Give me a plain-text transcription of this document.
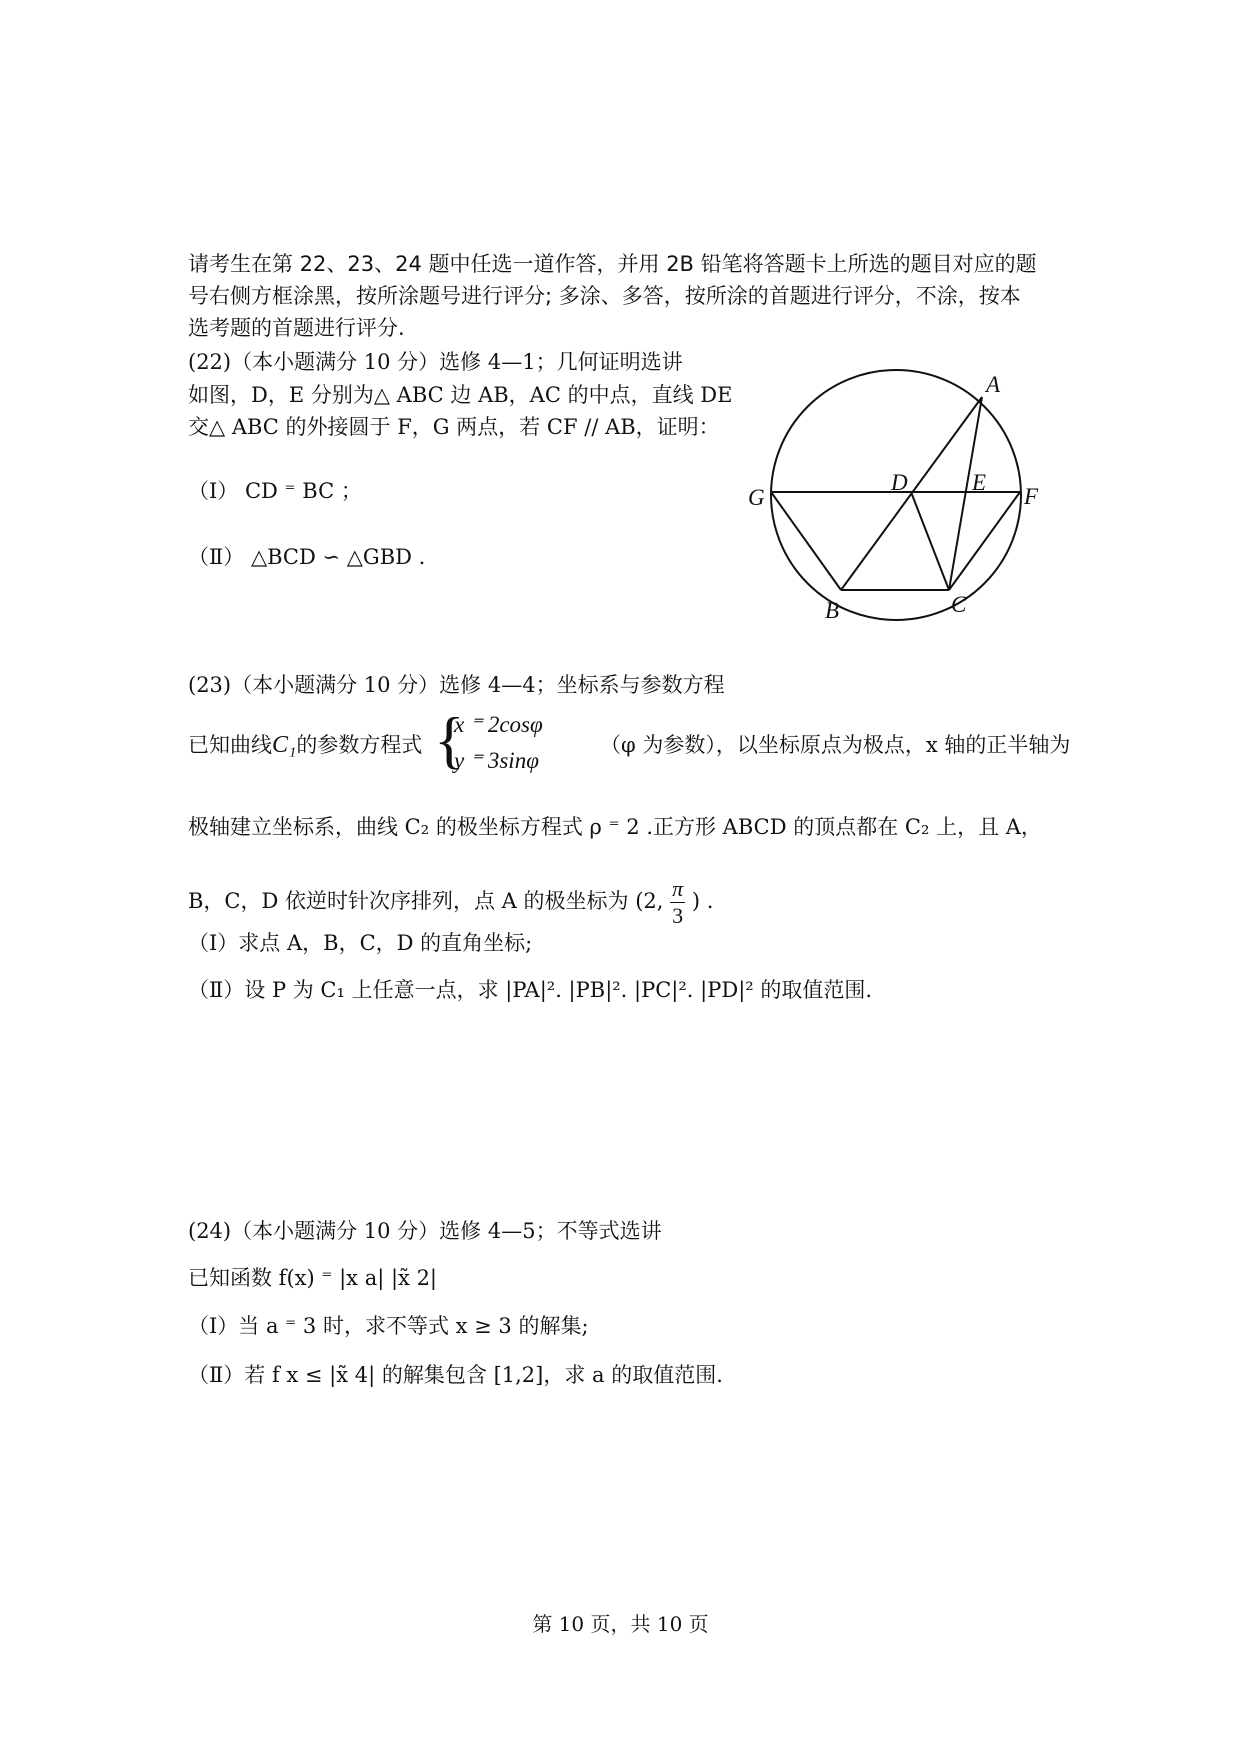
请考生在第 22、23、24 题中任选一道作答，并用 2B 铅笔将答题卡上所选的题目对应的题

号右侧方框涂黑，按所涂题号进行评分; 多涂、多答，按所涂的首题进行评分，不涂，按本

选考题的首题进行评分.

(22)（本小题满分 10 分）选修 4—1；几何证明选讲
如图，D，E 分别为△ ABC 边 AB，AC 的中点，直线 DE
交△ ABC 的外接圆于 F，G 两点，若 CF // AB，证明：
（Ⅰ） CD ⁼ BC ；
（Ⅱ） △BCD ∽ △GBD .
A
B	C
D	E
F
G
(23)（本小题满分 10 分）选修 4—4；坐标系与参数方程
已知曲线C₁的参数方程式 {
x ⁼ 2cosφ
y ⁼ 3sinφ
（φ 为参数），以坐标原点为极点，x 轴的正半轴为
极轴建立坐标系，曲线 C₂ 的极坐标方程式 ρ ⁼ 2 .正方形 ABCD 的顶点都在 C₂ 上，且 A，
B，C，D 依逆时针次序排列，点 A 的极坐标为 (2, $\frac{\pi}{3}$ ) .
（Ⅰ）求点 A，B，C，D 的直角坐标;
（Ⅱ）设 P 为 C₁ 上任意一点，求 |PA|². |PB|². |PC|². |PD|² 的取值范围.
(24)（本小题满分 10 分）选修 4—5；不等式选讲
已知函数 f(x) ⁼ |x a| |x̃ 2|
（Ⅰ）当 a ⁼ 3 时，求不等式 x ≥ 3 的解集;
（Ⅱ）若 f x ≤ |x̃ 4| 的解集包含 [1,2]，求 a 的取值范围.
第 10 页，共 10 页
